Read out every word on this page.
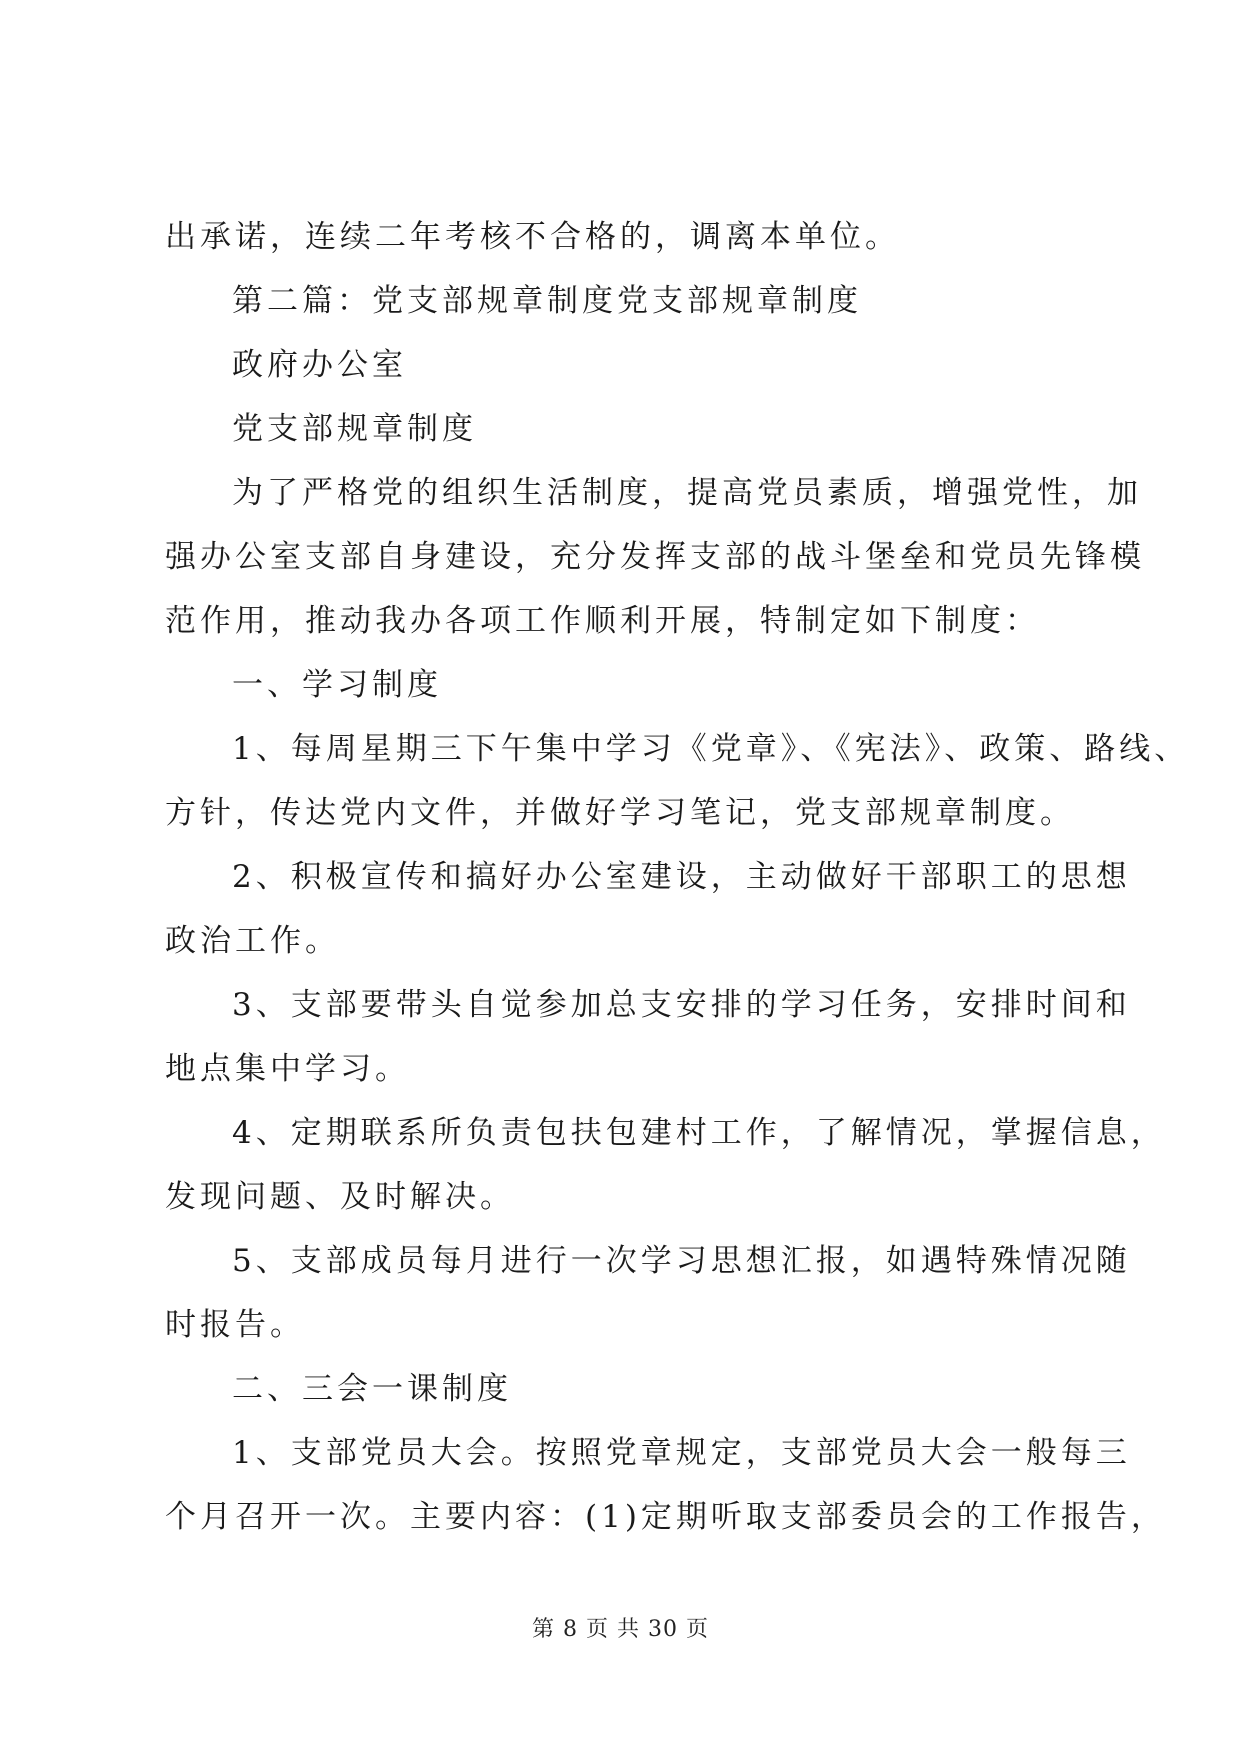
出承诺，连续二年考核不合格的，调离本单位。
第二篇：党支部规章制度党支部规章制度
政府办公室
党支部规章制度
为了严格党的组织生活制度，提高党员素质，增强党性，加
强办公室支部自身建设，充分发挥支部的战斗堡垒和党员先锋模
范作用，推动我办各项工作顺利开展，特制定如下制度：
一、学习制度
1、每周星期三下午集中学习《党章》、《宪法》、政策、路线、
方针，传达党内文件，并做好学习笔记，党支部规章制度。
2、积极宣传和搞好办公室建设，主动做好干部职工的思想
政治工作。
3、支部要带头自觉参加总支安排的学习任务，安排时间和
地点集中学习。
4、定期联系所负责包扶包建村工作，了解情况，掌握信息，
发现问题、及时解决。
5、支部成员每月进行一次学习思想汇报，如遇特殊情况随
时报告。
二、三会一课制度
1、支部党员大会。按照党章规定，支部党员大会一般每三
个月召开一次。主要内容：(1)定期听取支部委员会的工作报告，
第 8 页 共 30 页
